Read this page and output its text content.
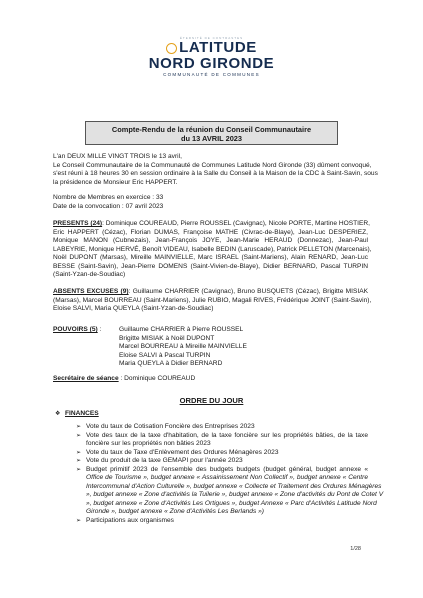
ÉTERNITÉ DE CONTRASTES
LATITUDE
NORD GIRONDE
COMMUNAUTÉ DE COMMUNES
Compte-Rendu de la réunion du Conseil Communautaire
du 13 AVRIL 2023
L'an DEUX MILLE VINGT TROIS le 13 avril,
Le Conseil Communautaire de la Communauté de Communes Latitude Nord Gironde (33) dûment convoqué,
s'est réuni à 18 heures 30 en session ordinaire à la Salle du Conseil à la Maison de la CDC à Saint-Savin, sous
la présidence de Monsieur Eric HAPPERT.
Nombre de Membres en exercice : 33
Date de la convocation : 07 avril 2023
PRESENTS (24): Dominique COUREAUD, Pierre ROUSSEL (Cavignac), Nicole PORTE, Martine HOSTIER,
Eric HAPPERT (Cézac), Florian DUMAS, Françoise MATHE (Civrac-de-Blaye), Jean-Luc DESPERIEZ,
Monique MANON (Cubnezais), Jean-François JOYE, Jean-Marie HERAUD (Donnezac), Jean-Paul
LABEYRIE, Monique HERVÉ, Benoît VIDEAU, Isabelle BEDIN (Laruscade), Patrick PELLETON (Marcenais),
Noël DUPONT (Marsas), Mireille MAINVIELLE, Marc ISRAEL (Saint-Mariens), Alain RENARD, Jean-Luc
BESSE (Saint-Savin), Jean-Pierre DOMENS (Saint-Vivien-de-Blaye), Didier BERNARD, Pascal TURPIN
(Saint-Yzan-de-Soudiac)
ABSENTS EXCUSES (9): Guillaume CHARRIER (Cavignac), Bruno BUSQUETS (Cézac), Brigitte MISIAK
(Marsas), Marcel BOURREAU (Saint-Mariens), Julie RUBIO, Magali RIVES, Frédérique JOINT (Saint-Savin),
Eloise SALVI, Maria QUEYLA (Saint-Yzan-de-Soudiac)
POUVOIRS (5) :	Guillaume CHARRIER à Pierre ROUSSEL
Brigitte MISIAK à Noël DUPONT
Marcel BOURREAU à Mireille MAINVIELLE
Eloise SALVI à Pascal TURPIN
Maria QUEYLA à Didier BERNARD
Secrétaire de séance : Dominique COUREAUD
ORDRE DU JOUR
❖ FINANCES
➢ Vote du taux de Cotisation Foncière des Entreprises 2023
➢ Vote des taux de la taxe d'habitation, de la taxe foncière sur les propriétés bâties, de la taxe
foncière sur les propriétés non bâties 2023
➢ Vote du taux de Taxe d'Enlèvement des Ordures Ménagères 2023
➢ Vote du produit de la taxe GEMAPI pour l'année 2023
➢ Budget primitif 2023 de l'ensemble des budgets budgets (budget général, budget annexe «
Office de Tourisme », budget annexe « Assainissement Non Collectif », budget annexe « Centre
Intercommunal d'Action Culturelle », budget annexe « Collecte et Traitement des Ordures Ménagères
», budget annexe « Zone d'activités la Tuilerie », budget annexe « Zone d'activités du Pont de Cotet V
», budget annexe « Zone d'Activités Les Ortigues », budget Annexe « Parc d'Activités Latitude Nord
Gironde », budget annexe « Zone d'Activités Les Berlands »)
➢ Participations aux organismes
1/28
